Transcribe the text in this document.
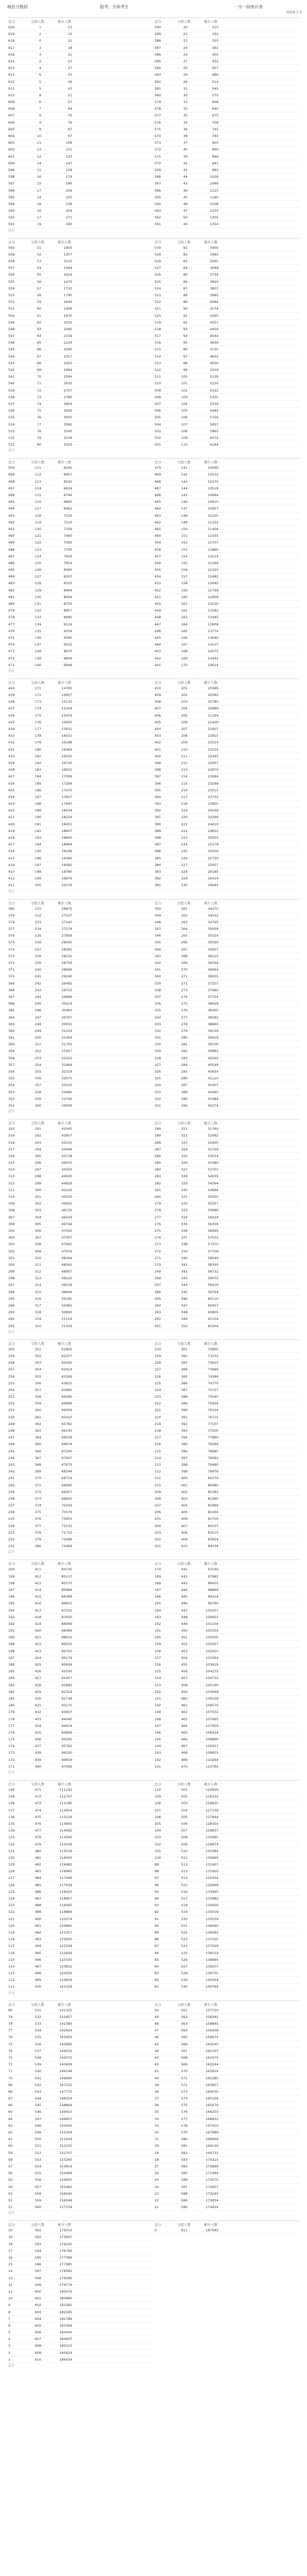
梅县分数段	报考：全体考生	一分一段统计表
2024.7.5
总分	分段人数	累计人数	总分	分段人数	累计人数
620	1	13
619	2	15
618	0	15
617	3	18
616	3	21
615	2	23
614	4	27
613	6	33
612	5	38
611	5	43
610	8	51
609	6	57
608	7	64
607	6	70
606	9	79
605	8	87
604	10	97
603	11	108
602	13	121
601	12	133
600	14	147
599	11	158
598	16	174
597	15	189
596	17	206
595	14	220
594	18	238
593	16	254
592	17	271
591	19	290
590	20	310
589	22	332
588	23	355
587	26	381
586	24	405
585	27	432
584	25	457
583	29	486
582	28	514
581	31	545
580	30	575
579	33	608
578	32	640
577	35	675
576	34	709
575	36	745
574	38	783
573	37	820
572	40	860
571	39	899
570	42	941
569	41	982
568	44	1026
567	43	1069
566	46	1115
565	45	1160
564	48	1208
563	47	1255
562	50	1305
561	49	1354
总分
总分	分段人数	累计人数	总分	分段人数	累计人数
560	51	1405
559	52	1457
558	53	1510
557	54	1564
556	55	1619
555	56	1675
554	57	1732
553	58	1790
552	59	1849
551	60	1909
550	61	1970
549	62	2032
548	63	2095
547	64	2159
546	65	2224
545	66	2290
544	67	2357
543	68	2425
542	69	2494
541	70	2564
540	71	2635
539	72	2707
538	73	2780
537	74	2854
536	75	2929
535	76	3005
534	77	3082
533	78	3160
532	79	3239
531	80	3319
530	81	3400
529	82	3482
528	83	3565
527	84	3649
526	85	3734
525	86	3820
524	87	3907
523	88	3995
522	89	4084
521	90	4174
520	91	4265
519	92	4357
518	93	4450
517	94	4544
516	95	4639
515	96	4735
514	97	4832
513	98	4930
512	99	5029
511	100	5129
510	101	5230
509	102	5332
508	103	5435
507	104	5539
506	105	5644
505	106	5750
504	107	5857
503	108	5965
502	109	6074
501	110	6184
总分
总分	分段人数	累计人数	总分	分段人数	累计人数
500	111	6295
499	112	6407
498	113	6520
497	114	6634
496	115	6749
495	116	6865
494	117	6982
493	118	7100
492	119	7219
491	120	7339
490	121	7460
489	122	7582
488	123	7705
487	124	7829
486	125	7954
485	126	8080
484	127	8207
483	128	8335
482	129	8464
481	130	8594
480	131	8725
479	132	8857
478	133	8990
477	134	9124
476	135	9259
475	136	9395
474	137	9532
473	138	9670
472	139	9809
471	140	9949
470	141	10090
469	142	10232
468	143	10375
467	144	10519
466	145	10664
465	146	10810
464	147	10957
463	148	11105
462	149	11254
461	150	11404
460	151	11555
459	152	11707
458	153	11860
457	154	12014
456	155	12169
455	156	12325
454	157	12482
453	158	12640
452	159	12799
451	160	12959
450	161	13120
449	162	13282
448	163	13445
447	164	13609
446	165	13774
445	166	13940
444	167	14107
443	168	14275
442	169	14444
441	170	14614
总分
总分	分段人数	累计人数	总分	分段人数	累计人数
440	171	14785
439	172	14957
438	173	15130
437	174	15304
436	175	15479
435	176	15655
434	177	15832
433	178	16010
432	179	16189
431	180	16369
430	181	16550
429	182	16732
428	183	16915
427	184	17099
426	185	17284
425	186	17470
424	187	17657
423	188	17845
422	189	18034
421	190	18224
420	191	18415
419	192	18607
418	193	18800
417	194	18994
416	195	19189
415	196	19385
414	197	19582
413	198	19780
412	199	19979
411	200	20179
410	201	20380
409	202	20582
408	203	20785
407	204	20989
406	205	21194
405	206	21400
404	207	21607
403	208	21815
402	209	22024
401	210	22234
400	211	22445
399	212	22657
398	213	22870
397	214	23084
396	215	23299
395	216	23515
394	217	23732
393	218	23950
392	219	24169
391	220	24389
390	221	24610
389	222	24832
388	223	25055
387	224	25279
386	225	25504
385	226	25730
384	227	25957
383	228	26185
382	229	26414
381	230	26644
总分
总分	分段人数	累计人数	总分	分段人数	累计人数
380	231	26875
379	232	27107
378	233	27340
377	234	27574
376	235	27809
375	236	28045
374	237	28282
373	238	28520
372	239	28759
371	240	28999
370	241	29240
369	242	29482
368	243	29725
367	244	29969
366	245	30214
365	246	30460
364	247	30707
363	248	30955
362	249	31204
361	250	31454
360	251	31705
359	252	31957
358	253	32210
357	254	32464
356	255	32719
355	256	32975
354	257	33232
353	258	33490
352	259	33749
351	260	34009
350	261	34270
349	262	34532
348	263	34795
347	264	35059
346	265	35324
345	266	35590
344	267	35857
343	268	36125
342	269	36394
341	270	36664
340	271	36935
339	272	37207
338	273	37480
337	274	37754
336	275	38029
335	276	38305
334	277	38582
333	278	38860
332	279	39139
331	280	39419
330	281	39700
329	282	39982
328	283	40265
327	284	40549
326	285	40834
325	286	41120
324	287	41407
323	288	41695
322	289	41984
321	290	42274
总分
总分	分段人数	累计人数	总分	分段人数	累计人数
320	291	42565
319	292	42857
318	293	43150
317	294	43444
316	295	43739
315	296	44035
314	297	44332
313	298	44630
312	299	44929
311	300	45229
310	301	45530
309	302	45832
308	303	46135
307	304	46439
306	305	46744
305	306	47050
304	307	47357
303	308	47665
302	309	47974
301	310	48284
300	311	48595
299	312	48907
298	313	49220
297	314	49534
296	315	49849
295	316	50165
294	317	50482
293	318	50800
292	319	51119
291	320	51439
290	321	51760
289	322	52082
288	323	52405
287	324	52729
286	325	53054
285	326	53380
284	327	53707
283	328	54035
282	329	54364
281	330	54694
280	331	55025
279	332	55357
278	333	55690
277	334	56024
276	335	56359
275	336	56695
274	337	57032
273	338	57370
272	339	57709
271	340	58049
270	341	58390
269	342	58732
268	343	59075
267	344	59419
266	345	59764
265	346	60110
264	347	60457
263	348	60805
262	349	61154
261	350	61504
总分
总分	分段人数	累计人数	总分	分段人数	累计人数
260	351	61855
259	352	62207
258	353	62560
257	354	62914
256	355	63269
255	356	63625
254	357	63982
253	358	64340
252	359	64699
251	360	65059
250	361	65420
249	362	65782
248	363	66145
247	364	66509
246	365	66874
245	366	67240
244	367	67607
243	368	67975
242	369	68344
241	370	68714
240	371	69085
239	372	69457
238	373	69830
237	374	70204
236	375	70579
235	376	70955
234	377	71332
233	378	71710
232	379	72089
231	380	72469
230	381	72850
229	382	73232
228	383	73615
227	384	73999
226	385	74384
225	386	74770
224	387	75157
223	388	75545
222	389	75934
221	390	76324
220	391	76715
219	392	77107
218	393	77500
217	394	77894
216	395	78289
215	396	78685
214	397	79082
213	398	79480
212	399	79879
211	400	80279
210	401	80680
209	402	81082
208	403	81485
207	404	81889
206	405	82294
205	406	82700
204	407	83107
203	408	83515
202	409	83924
201	410	84334
总分
总分	分段人数	累计人数	总分	分段人数	累计人数
200	411	84745
199	412	85157
198	413	85570
197	414	85984
196	415	86399
195	416	86815
194	417	87232
193	418	87650
192	419	88069
191	420	88489
190	421	88910
189	422	89332
188	423	89755
187	424	90179
186	425	90604
185	426	91030
184	427	91457
183	428	91885
182	429	92314
181	430	92744
180	431	93175
179	432	93607
178	433	94040
177	434	94474
176	435	94909
175	436	95345
174	437	95782
173	438	96220
172	439	96659
171	440	97099
170	441	97540
169	442	97982
168	443	98425
167	444	98869
166	445	99314
165	446	99760
164	447	100207
163	448	100655
162	449	101104
161	450	101554
160	451	102005
159	452	102457
158	453	102910
157	454	103364
156	455	103819
155	456	104275
154	457	104732
153	458	105190
152	459	105649
151	460	106109
150	461	106570
149	462	107032
148	463	107495
147	464	107959
146	465	108424
145	466	108890
144	467	109357
143	468	109825
142	469	110294
141	470	110764
总分
总分	分段人数	累计人数	总分	分段人数	累计人数
140	471	111235
139	472	111707
138	473	112180
137	474	112654
136	475	113129
135	476	113605
134	477	114082
133	478	114560
132	479	115039
131	480	115519
130	481	116000
129	482	116482
128	483	116965
127	484	117449
126	485	117934
125	486	118420
124	487	118907
123	488	119395
122	489	119884
121	490	120374
120	491	120865
119	492	121357
118	493	121850
117	494	122344
116	495	122839
115	496	123335
114	497	123832
113	498	124330
112	499	124829
111	500	125329
110	501	125830
109	502	126332
108	503	126835
107	504	127339
106	505	127844
105	506	128350
104	507	128857
103	508	129365
102	509	129874
101	510	130384
100	511	130895
99	512	131407
98	513	131920
97	514	132434
96	515	132949
95	516	133465
94	517	133982
93	518	134500
92	519	135019
91	520	135539
90	521	136060
89	522	136582
88	523	137105
87	524	137629
86	525	138154
85	526	138680
84	527	139207
83	528	139735
82	529	140264
81	530	140794
总分
总分	分段人数	累计人数	总分	分段人数	累计人数
80	531	141325
79	532	141857
78	533	142390
77	534	142924
76	535	143459
75	536	143995
74	537	144532
73	538	145070
72	539	145609
71	540	146149
70	541	146690
69	542	147232
68	543	147775
67	544	148319
66	545	148864
65	546	149410
64	547	149957
63	548	150505
62	549	151054
61	550	151604
60	551	152155
59	552	152707
58	553	153260
57	554	153814
56	555	154369
55	556	154925
54	557	155482
53	558	156040
52	559	156599
51	560	157159
50	561	157720
49	562	158282
48	563	158845
47	564	159409
46	565	159974
45	566	160540
44	567	161107
43	568	161675
42	569	162244
41	570	162814
40	571	163385
39	572	163957
38	573	164530
37	574	165104
36	575	165679
35	576	166255
34	577	166832
33	578	167410
32	579	167989
31	580	168569
30	581	169150
29	582	169732
28	583	170315
27	584	170899
26	585	171484
25	586	172070
24	587	172657
23	588	173245
22	589	173834
21	590	174424
总分
总分	分段人数	累计人数	总分	分段人数	累计人数
20	591	175015
19	592	175607
18	593	176200
17	594	176794
16	595	177389
15	596	177985
14	597	178582
13	598	179180
12	599	179779
11	600	180379
10	601	180980
9	602	181582
8	603	182185
7	604	182789
6	605	183394
5	606	184000
4	607	184607
3	608	185215
2	609	185824
1	610	186434
0	611	187045
总分
